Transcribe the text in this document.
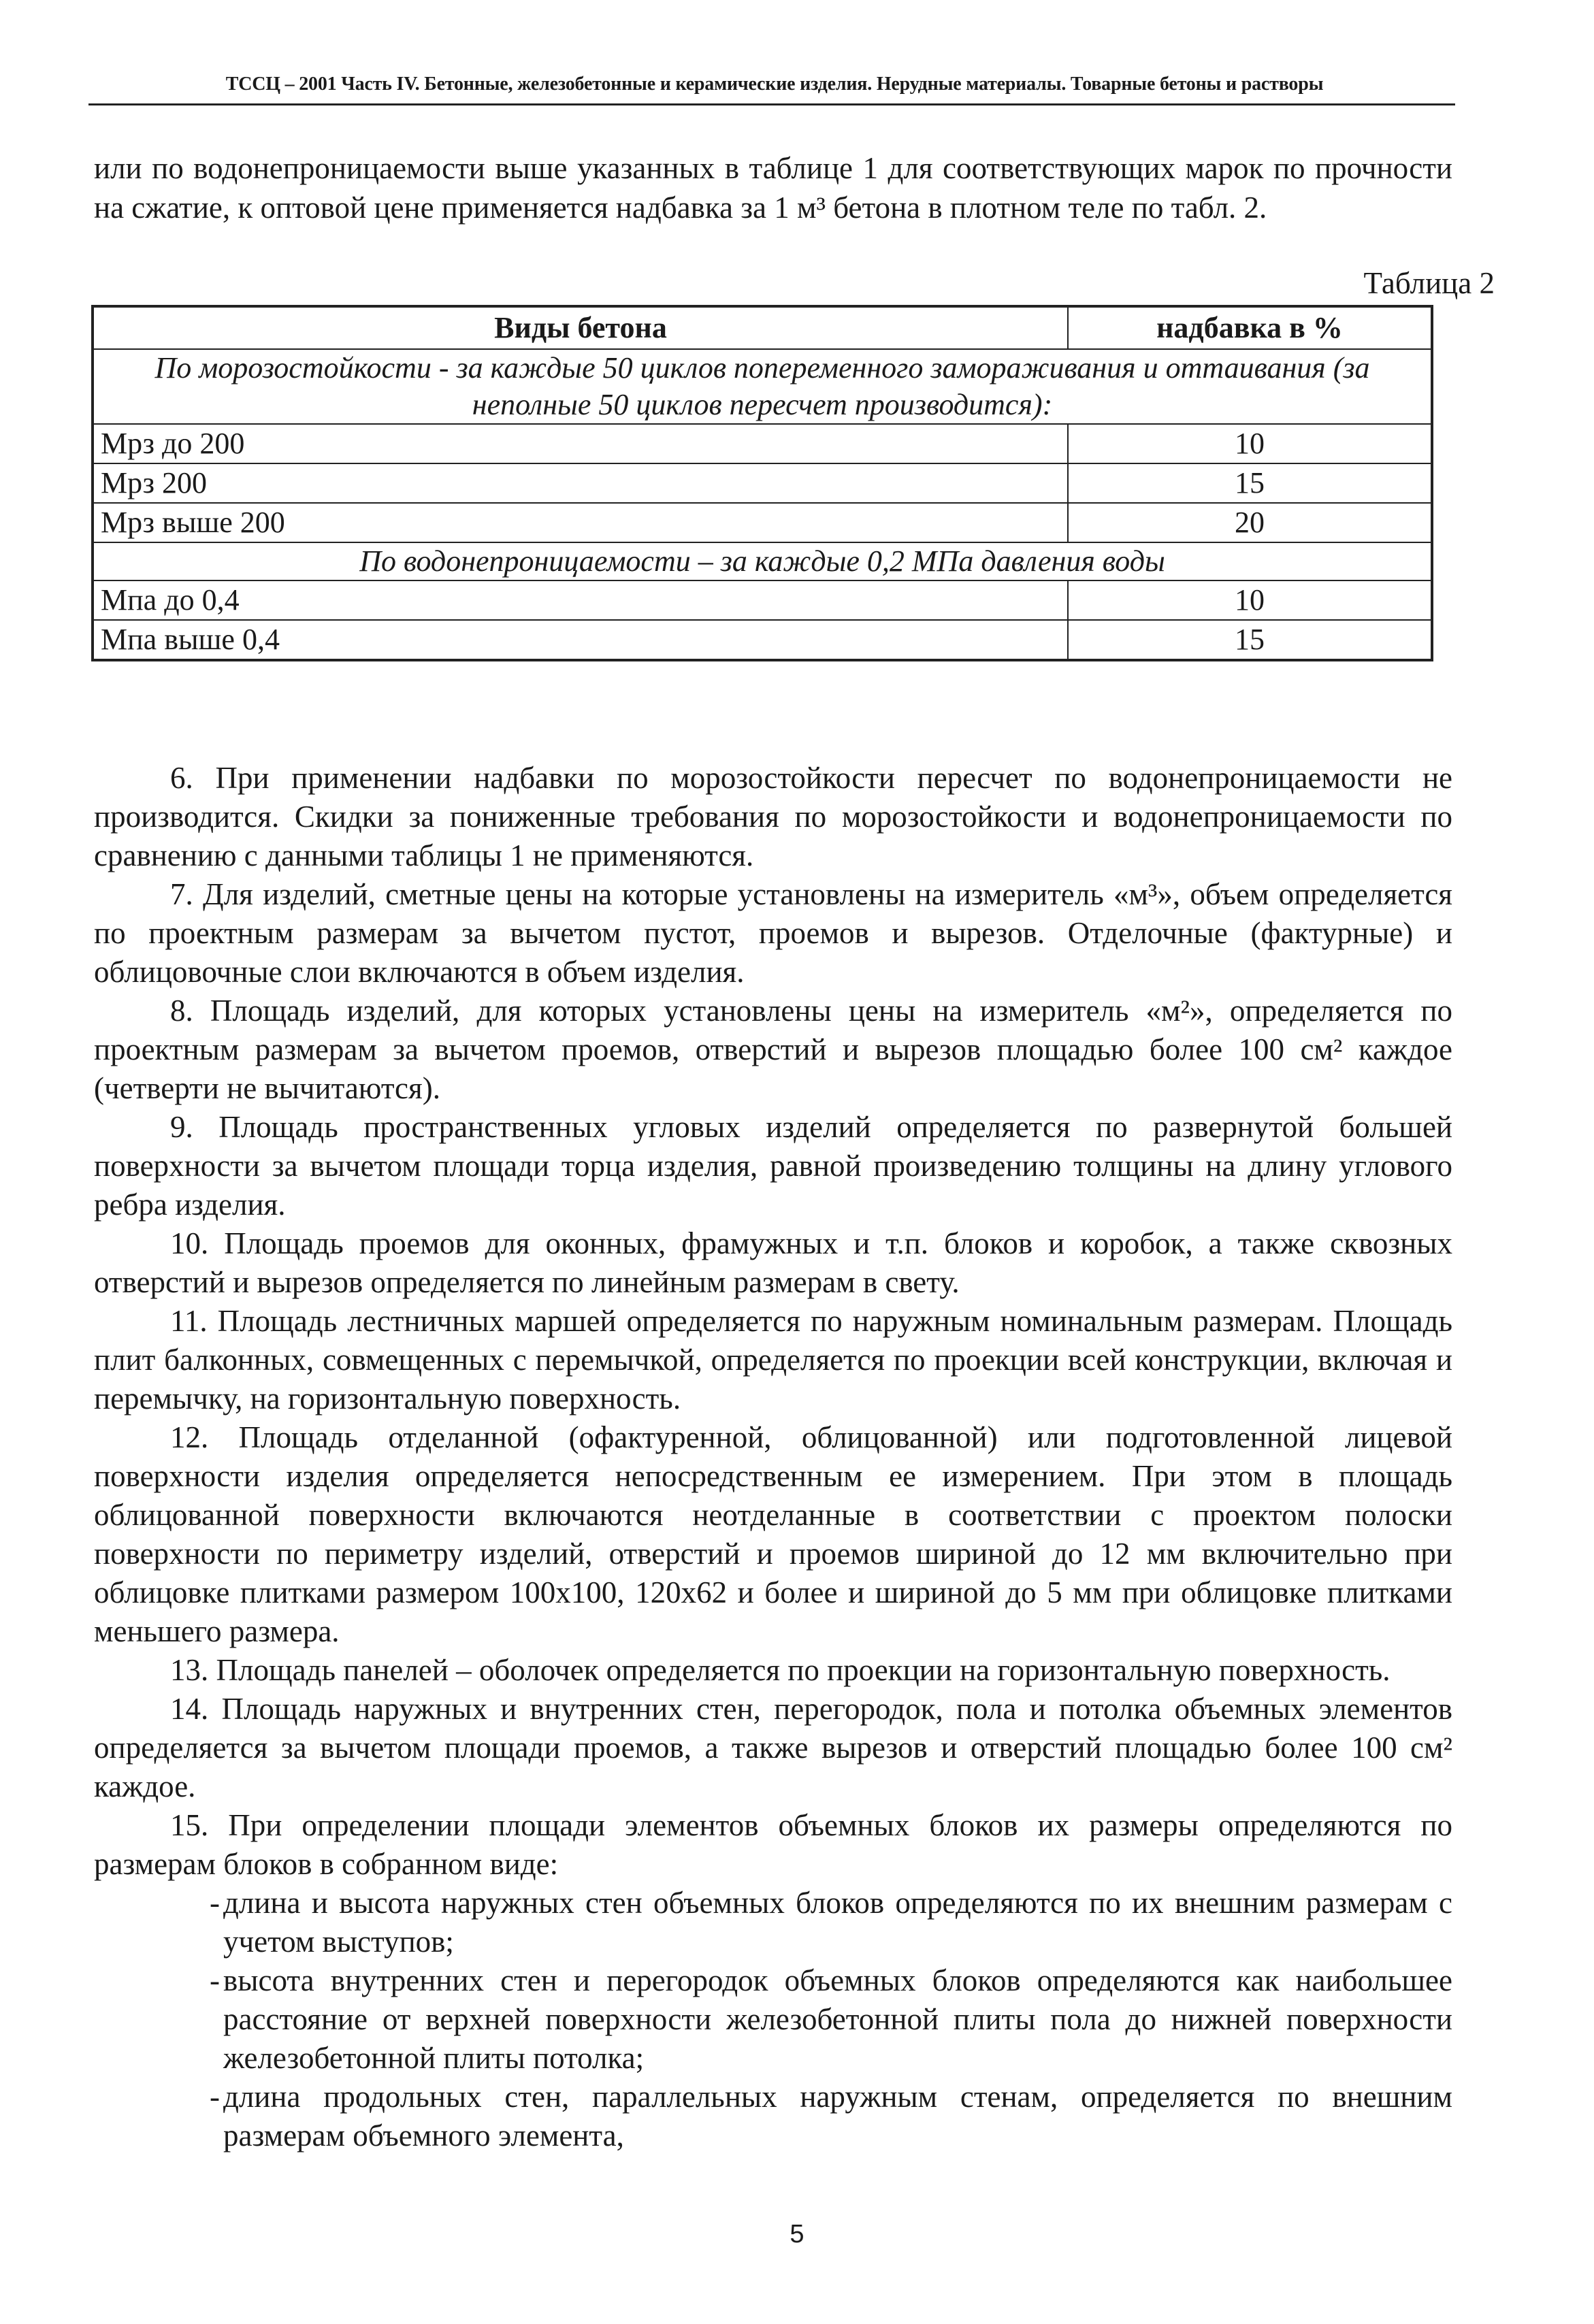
ТССЦ – 2001 Часть IV. Бетонные, железобетонные и керамические изделия. Нерудные материалы. Товарные бетоны и растворы
или по водонепроницаемости выше указанных в таблице 1 для соответствующих марок по прочности на сжатие, к оптовой цене применяется надбавка за 1 м³ бетона в плотном теле по табл. 2.
Таблица 2
Виды бетона	надбавка в %
По морозостойкости - за каждые 50 циклов попеременного замораживания и оттаивания (за неполные 50 циклов пересчет производится):	
Мрз до 200	10
Мрз 200	15
Мрз выше 200	20
По водонепроницаемости – за каждые 0,2 МПа давления воды	
Мпа до 0,4	10
Мпа выше 0,4	15

6. При применении надбавки по морозостойкости пересчет по водонепроницаемости не производится. Скидки за пониженные требования по морозостойкости и водонепроницаемости по сравнению с данными таблицы 1 не применяются.

7. Для изделий, сметные цены на которые установлены на измеритель «м³», объем определяется по проектным размерам за вычетом пустот, проемов и вырезов. Отделочные (фактурные) и облицовочные слои включаются в объем изделия.

8. Площадь изделий, для которых установлены цены на измеритель «м²», определяется по проектным размерам за вычетом проемов, отверстий и вырезов площадью более 100 см² каждое (четверти не вычитаются).

9. Площадь пространственных угловых изделий определяется по развернутой большей поверхности за вычетом площади торца изделия, равной произведению толщины на длину углового ребра изделия.

10. Площадь проемов для оконных, фрамужных и т.п. блоков и коробок, а также сквозных отверстий и вырезов определяется по линейным размерам в свету.

11. Площадь лестничных маршей определяется по наружным номинальным размерам. Площадь плит балконных, совмещенных с перемычкой, определяется по проекции всей конструкции, включая и перемычку, на горизонтальную поверхность.

12. Площадь отделанной (офактуренной, облицованной) или подготовленной лицевой поверхности изделия определяется непосредственным ее измерением. При этом в площадь облицованной поверхности включаются неотделанные в соответствии с проектом полоски поверхности по периметру изделий, отверстий и проемов шириной до 12 мм включительно при облицовке плитками размером 100x100, 120x62 и более и шириной до 5 мм при облицовке плитками меньшего размера.

13. Площадь панелей – оболочек определяется по проекции на горизонтальную поверхность.

14. Площадь наружных и внутренних стен, перегородок, пола и потолка объемных элементов определяется за вычетом площади проемов, а также вырезов и отверстий площадью более 100 см² каждое.

15. При определении площади элементов объемных блоков их размеры определяются по размерам блоков в собранном виде:

- длина и высота наружных стен объемных блоков определяются по их внешним размерам с учетом выступов;
- высота внутренних стен и перегородок объемных блоков определяются как наибольшее расстояние от верхней поверхности железобетонной плиты пола до нижней поверхности железобетонной плиты потолка;
- длина продольных стен, параллельных наружным стенам, определяется по внешним размерам объемного элемента,
5
